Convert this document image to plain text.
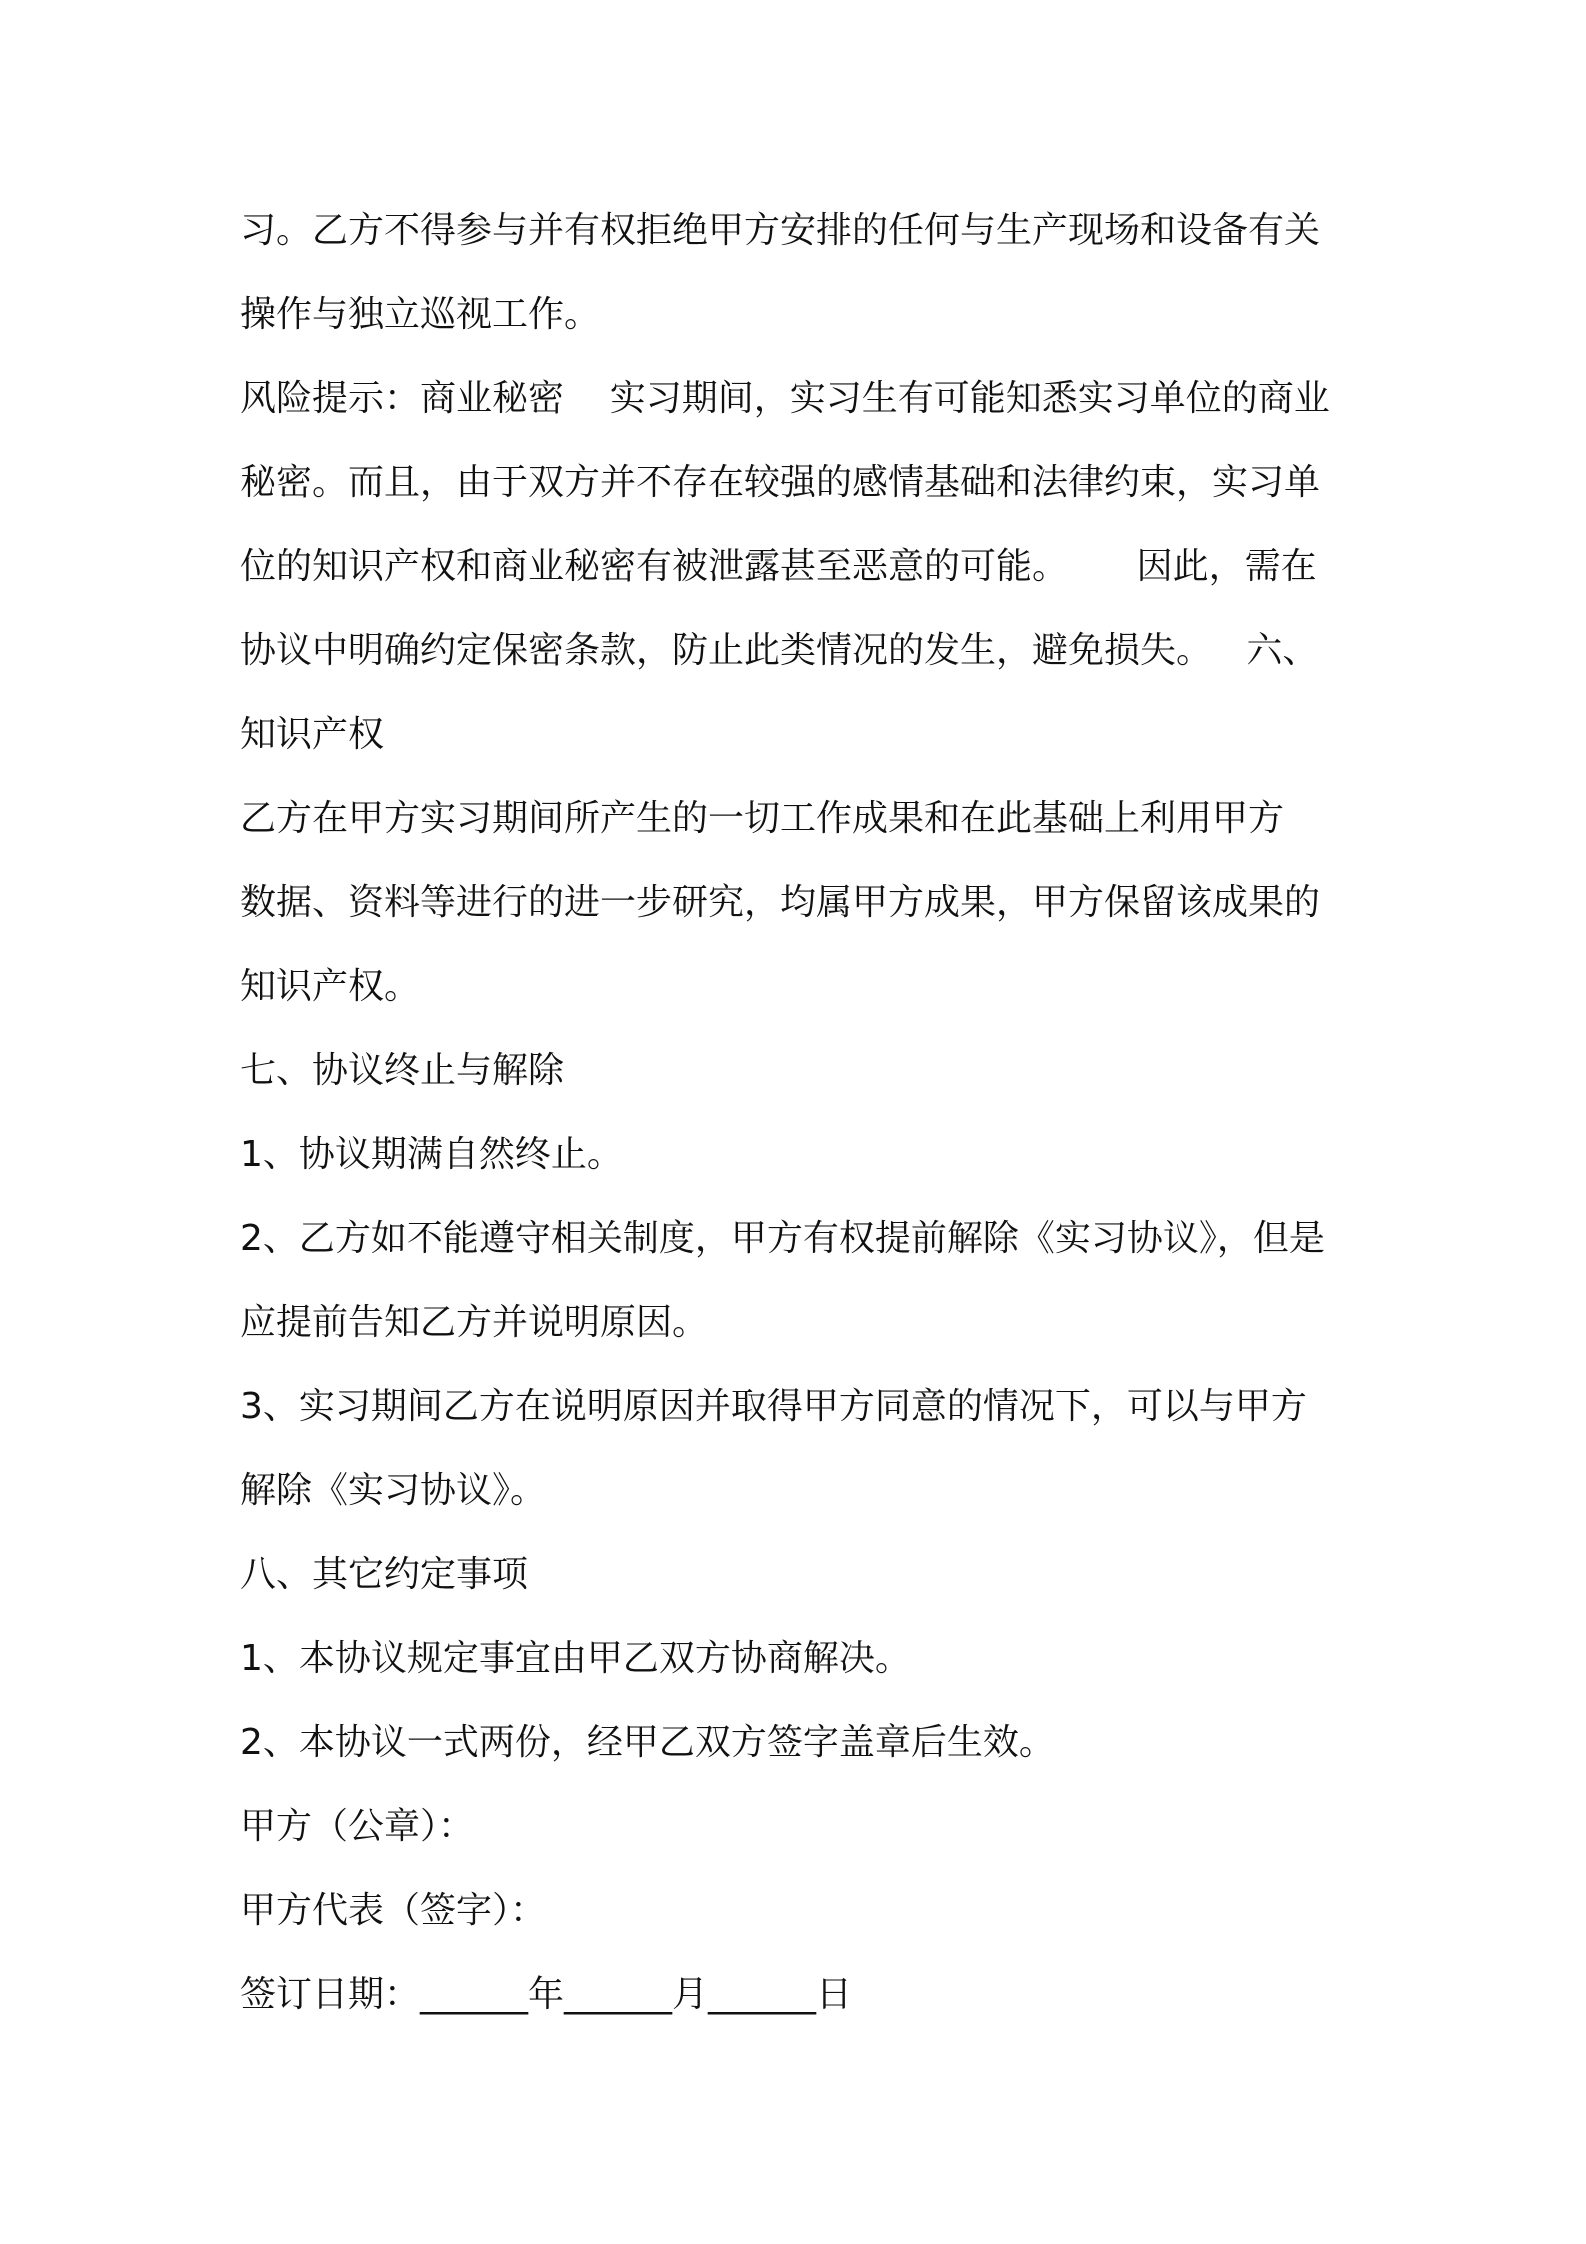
习。乙方不得参与并有权拒绝甲方安排的任何与生产现场和设备有关

操作与独立巡视工作。

风险提示：商业秘密    实习期间，实习生有可能知悉实习单位的商业

秘密。而且，由于双方并不存在较强的感情基础和法律约束，实习单

位的知识产权和商业秘密有被泄露甚至恶意的可能。      因此，需在

协议中明确约定保密条款，防止此类情况的发生，避免损失。   六、

知识产权

乙方在甲方实习期间所产生的一切工作成果和在此基础上利用甲方

数据、资料等进行的进一步研究，均属甲方成果，甲方保留该成果的

知识产权。

七、协议终止与解除

1、协议期满自然终止。

2、乙方如不能遵守相关制度，甲方有权提前解除《实习协议》，但是

应提前告知乙方并说明原因。

3、实习期间乙方在说明原因并取得甲方同意的情况下，可以与甲方

解除《实习协议》。

八、其它约定事项

1、本协议规定事宜由甲乙双方协商解决。

2、本协议一式两份，经甲乙双方签字盖章后生效。

甲方（公章）：

甲方代表（签字）：

签订日期：______年______月______日
